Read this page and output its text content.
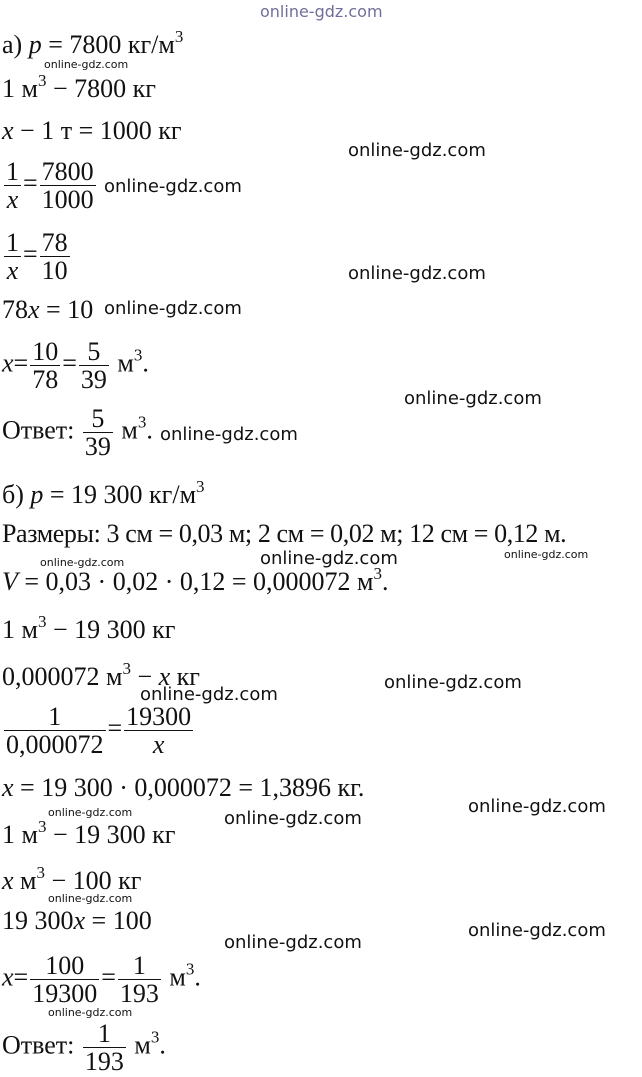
online-gdz.com
а) p = 7800 $кг/м^3$
1 $м^3 - 7800$ кг
x − 1 т = 1000 кг
$\frac{1}{x} = \frac{7800}{1000}$
$\frac{1}{x} = \frac{78}{10}$
78x = 10
$x= \frac{10}{78} = \frac{5}{39} м^3$.
Ответ: $\frac{5}{39} м^3$.
б) p = 19 300 $кг/м^3$
Размеры: 3 см = 0,03 м; 2 см = 0,02 м; 12 см = 0,12 м.
V = 0,03 · 0,02 · 0,12 = 0,000072 $м^3$.
1 $м^3 - 19$ 300 кг
0,000072 $м^3 - x$ кг
$\frac{1}{0,000072} = \frac{19300}{x}$
x = 19 300 · 0,000072 = 1,3896 кг.
1 $м^3 - 19$ 300 кг
x $м^3 - 100$ кг
19 300x = 100
$x= \frac{100}{19300} = \frac{1}{193} м^3$.
Ответ: $\frac{1}{193} м^3$.
online-gdz.com
online-gdz.com
online-gdz.com
online-gdz.com
online-gdz.com
online-gdz.com
online-gdz.com
online-gdz.com	online-gdz.com	online-gdz.com
online-gdz.com
online-gdz.com
online-gdz.com
online-gdz.com	online-gdz.com
online-gdz.com
online-gdz.com
online-gdz.com
online-gdz.com
